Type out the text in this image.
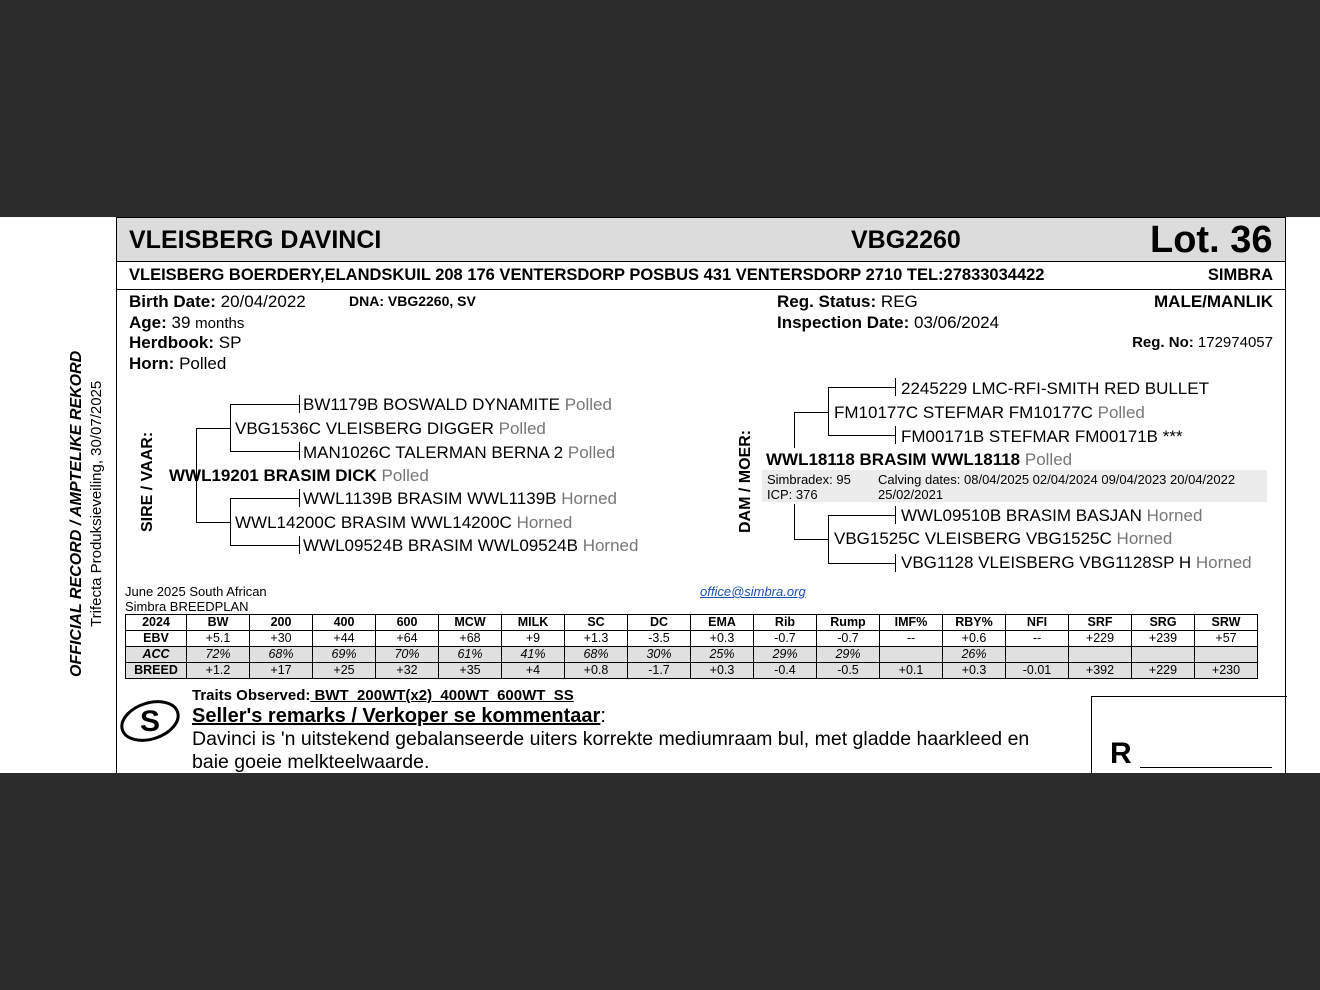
OFFICIAL RECORD / AMPTELIKE REKORD Trifecta Produksieveiling, 30/07/2025
VLEISBERG DAVINCI	VBG2260	Lot. 36
VLEISBERG BOERDERY,ELANDSKUIL 208 176 VENTERSDORP POSBUS 431 VENTERSDORP 2710 TEL:27833034422	SIMBRA
Birth Date: 20/04/2022	DNA: VBG2260, SV
Age: 39 months
Herdbook: SP
Horn: Polled
Reg. Status: REG
Inspection Date: 03/06/2024
MALE/MANLIK
Reg. No: 172974057
SIRE / VAAR:
BW1179B BOSWALD DYNAMITE Polled
VBG1536C VLEISBERG DIGGER Polled
MAN1026C TALERMAN BERNA 2 Polled
WWL19201 BRASIM DICK Polled
WWL1139B BRASIM WWL1139B Horned
WWL14200C BRASIM WWL14200C Horned
WWL09524B BRASIM WWL09524B Horned
DAM / MOER:
2245229 LMC-RFI-SMITH RED BULLET
FM10177C STEFMAR FM10177C Polled
FM00171B STEFMAR FM00171B ***
WWL18118 BRASIM WWL18118 Polled
Simbradex: 95
ICP: 376
Calving dates: 08/04/2025 02/04/2024 09/04/2023 20/04/2022
25/02/2021
WWL09510B BRASIM BASJAN Horned
VBG1525C VLEISBERG VBG1525C Horned
VBG1128 VLEISBERG VBG1128SP H Horned
June 2025 South African
Simbra BREEDPLAN
office@simbra.org
2024	BW	200	400	600	MCW	MILK	SC	DC	EMA	Rib	Rump	IMF%	RBY%	NFI	SRF	SRG	SRW
EBV	+5.1	+30	+44	+64	+68	+9	+1.3	-3.5	+0.3	-0.7	-0.7	--	+0.6	--	+229	+239	+57
ACC	72%	68%	69%	70%	61%	41%	68%	30%	25%	29%	29%		26%				
BREED	+1.2	+17	+25	+32	+35	+4	+0.8	-1.7	+0.3	-0.4	-0.5	+0.1	+0.3	-0.01	+392	+229	+230
Traits Observed: BWT  200WT(x2)  400WT  600WT  SS
S Seller's remarks / Verkoper se kommentaar:
Davinci is 'n uitstekend gebalanseerde uiters korrekte mediumraam bul, met gladde haarkleed en
baie goeie melkteelwaarde.	R
